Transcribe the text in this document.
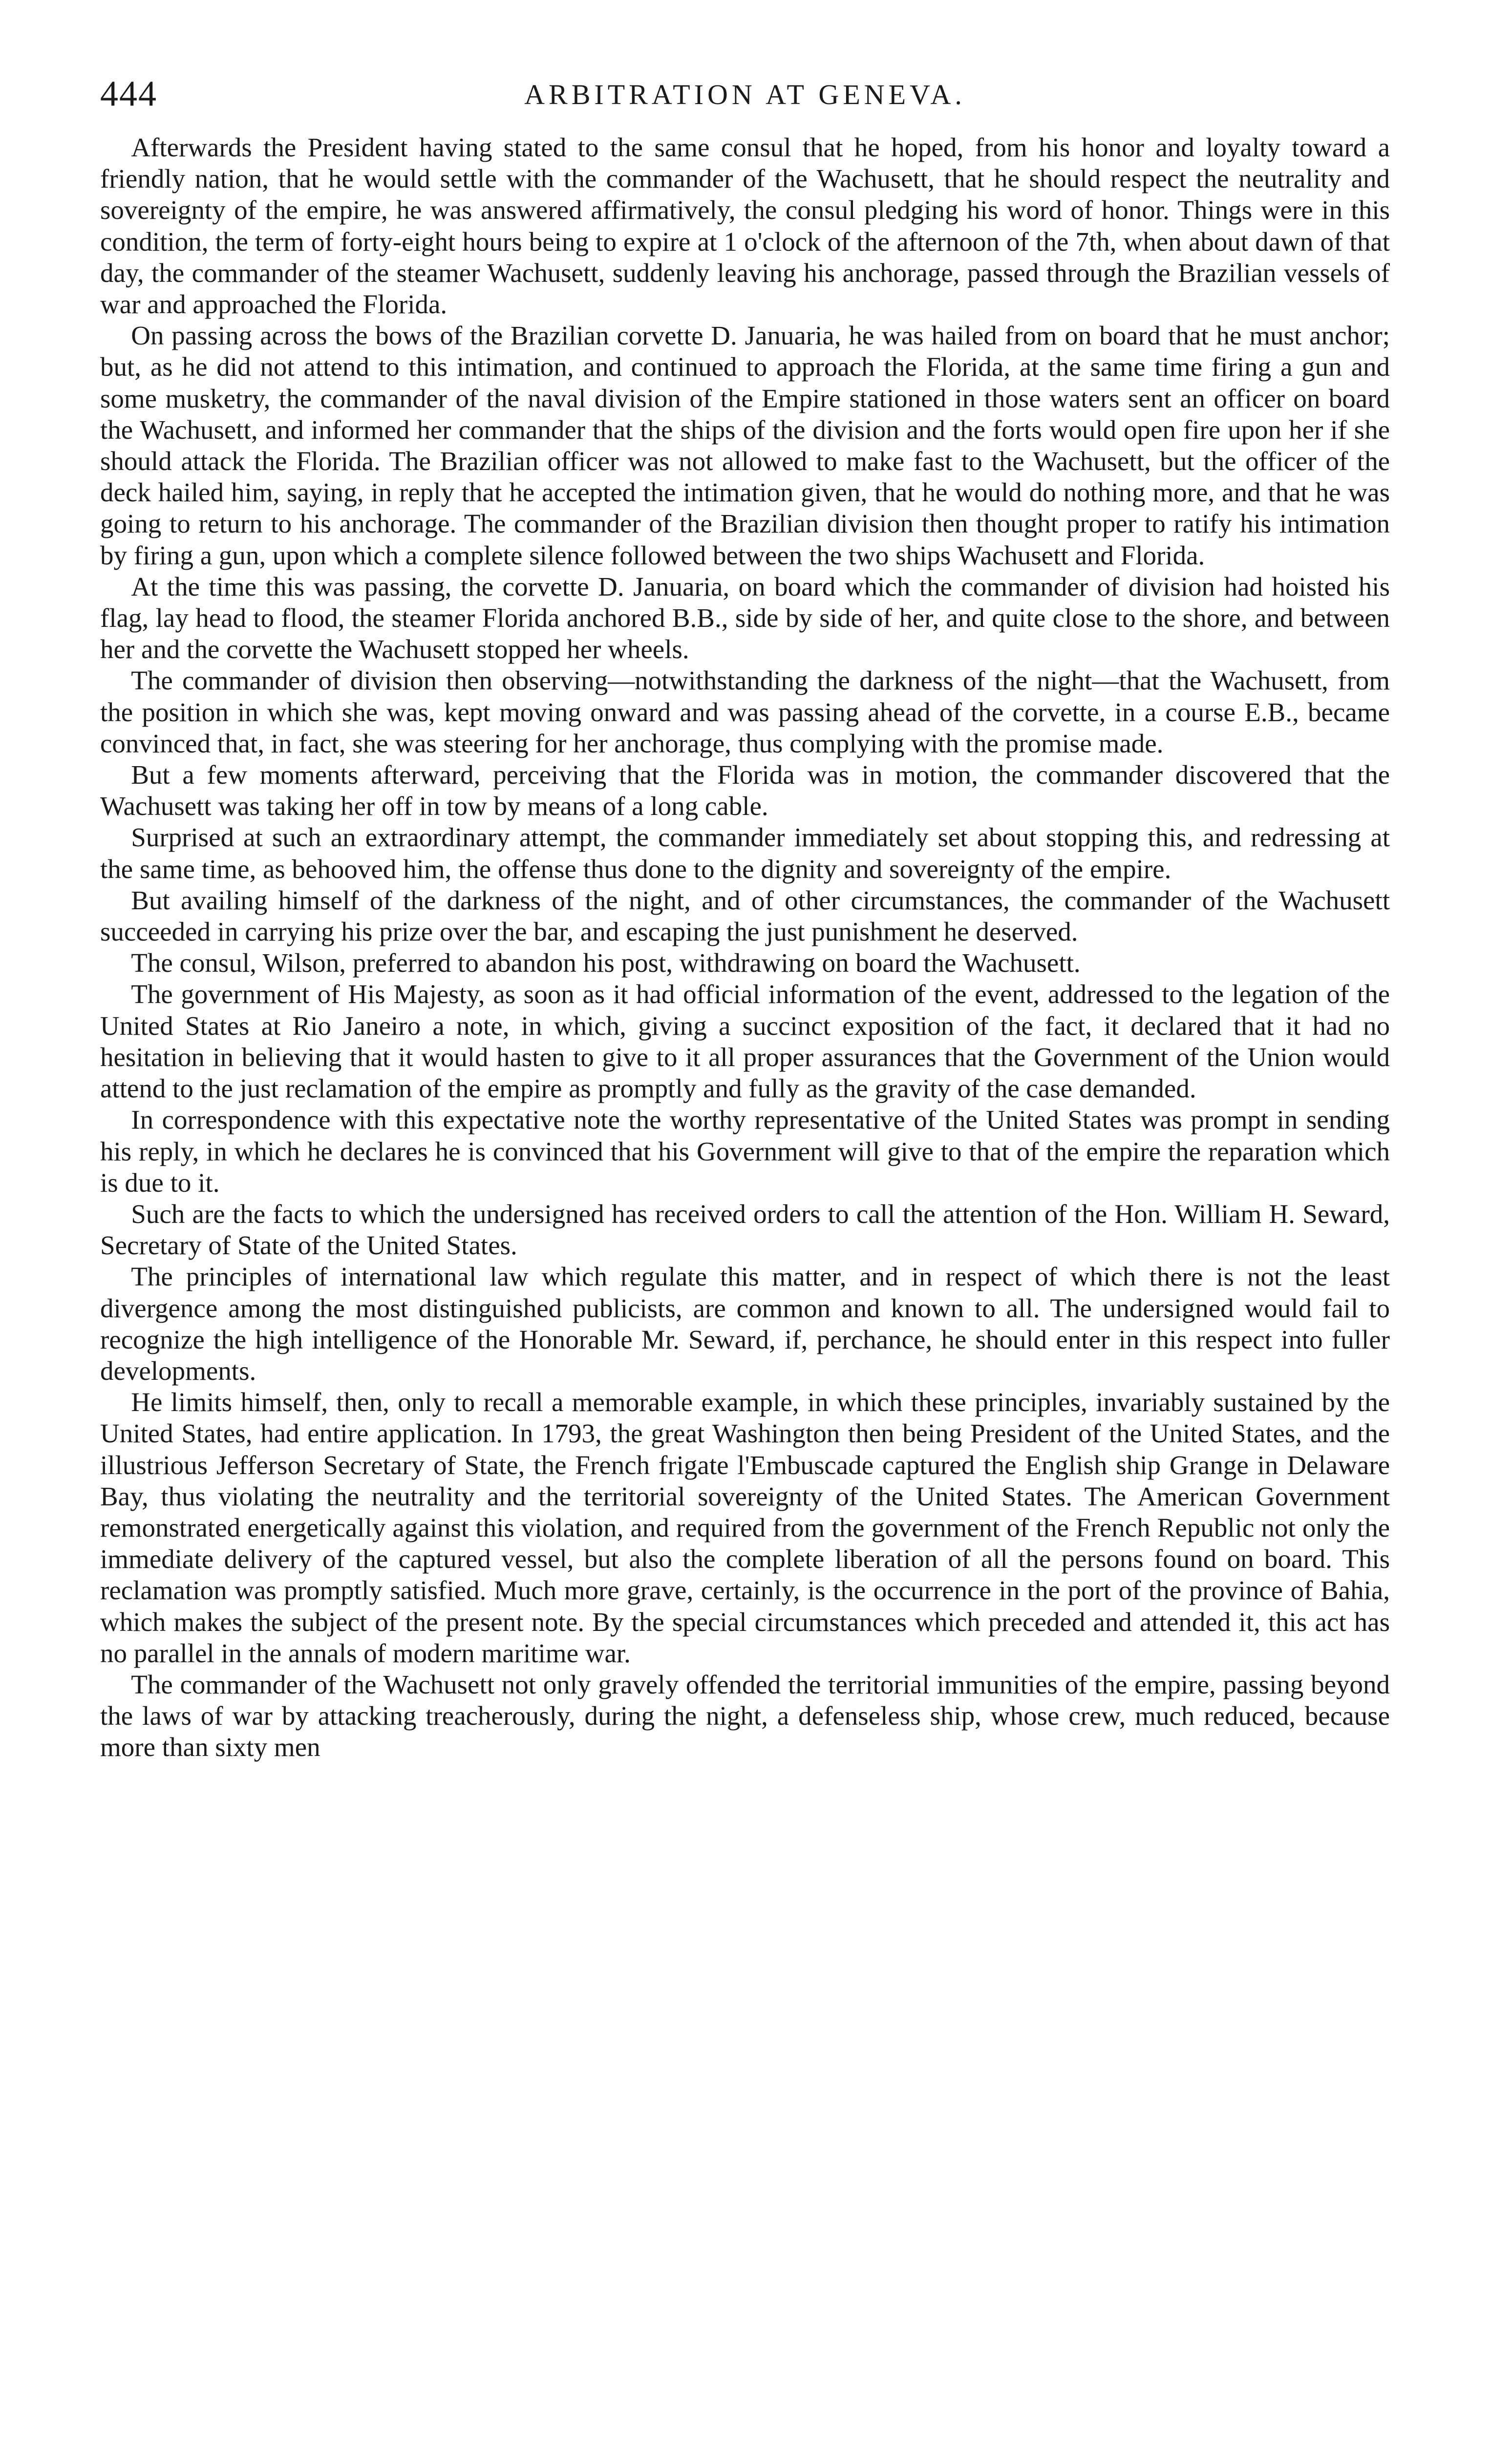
444	ARBITRATION AT GENEVA.

Afterwards the President having stated to the same consul that he hoped, from his honor and loyalty toward a friendly nation, that he would settle with the commander of the Wachusett, that he should respect the neutrality and sovereignty of the empire, he was answered affirmatively, the consul pledging his word of honor. Things were in this condition, the term of forty-eight hours being to expire at 1 o'clock of the afternoon of the 7th, when about dawn of that day, the commander of the steamer Wachusett, suddenly leaving his anchorage, passed through the Brazilian vessels of war and approached the Florida.

On passing across the bows of the Brazilian corvette D. Januaria, he was hailed from on board that he must anchor; but, as he did not attend to this intimation, and continued to approach the Florida, at the same time firing a gun and some musketry, the commander of the naval division of the Empire stationed in those waters sent an officer on board the Wachusett, and informed her commander that the ships of the division and the forts would open fire upon her if she should attack the Florida. The Brazilian officer was not allowed to make fast to the Wachusett, but the officer of the deck hailed him, saying, in reply that he accepted the intimation given, that he would do nothing more, and that he was going to return to his anchorage. The commander of the Brazilian division then thought proper to ratify his intimation by firing a gun, upon which a complete silence followed between the two ships Wachusett and Florida.

At the time this was passing, the corvette D. Januaria, on board which the commander of division had hoisted his flag, lay head to flood, the steamer Florida anchored B.B., side by side of her, and quite close to the shore, and between her and the corvette the Wachusett stopped her wheels.

The commander of division then observing—notwithstanding the darkness of the night—that the Wachusett, from the position in which she was, kept moving onward and was passing ahead of the corvette, in a course E.B., became convinced that, in fact, she was steering for her anchorage, thus complying with the promise made.

But a few moments afterward, perceiving that the Florida was in motion, the commander discovered that the Wachusett was taking her off in tow by means of a long cable.

Surprised at such an extraordinary attempt, the commander immediately set about stopping this, and redressing at the same time, as behooved him, the offense thus done to the dignity and sovereignty of the empire.

But availing himself of the darkness of the night, and of other circumstances, the commander of the Wachusett succeeded in carrying his prize over the bar, and escaping the just punishment he deserved.

The consul, Wilson, preferred to abandon his post, withdrawing on board the Wachusett.

The government of His Majesty, as soon as it had official information of the event, addressed to the legation of the United States at Rio Janeiro a note, in which, giving a succinct exposition of the fact, it declared that it had no hesitation in believing that it would hasten to give to it all proper assurances that the Government of the Union would attend to the just reclamation of the empire as promptly and fully as the gravity of the case demanded.

In correspondence with this expectative note the worthy representative of the United States was prompt in sending his reply, in which he declares he is convinced that his Government will give to that of the empire the reparation which is due to it.

Such are the facts to which the undersigned has received orders to call the attention of the Hon. William H. Seward, Secretary of State of the United States.

The principles of international law which regulate this matter, and in respect of which there is not the least divergence among the most distinguished publicists, are common and known to all. The undersigned would fail to recognize the high intelligence of the Honorable Mr. Seward, if, perchance, he should enter in this respect into fuller developments.

He limits himself, then, only to recall a memorable example, in which these principles, invariably sustained by the United States, had entire application. In 1793, the great Washington then being President of the United States, and the illustrious Jefferson Secretary of State, the French frigate l'Embuscade captured the English ship Grange in Delaware Bay, thus violating the neutrality and the territorial sovereignty of the United States. The American Government remonstrated energetically against this violation, and required from the government of the French Republic not only the immediate delivery of the captured vessel, but also the complete liberation of all the persons found on board. This reclamation was promptly satisfied. Much more grave, certainly, is the occurrence in the port of the province of Bahia, which makes the subject of the present note. By the special circumstances which preceded and attended it, this act has no parallel in the annals of modern maritime war.

The commander of the Wachusett not only gravely offended the territorial immunities of the empire, passing beyond the laws of war by attacking treacherously, during the night, a defenseless ship, whose crew, much reduced, because more than sixty men
